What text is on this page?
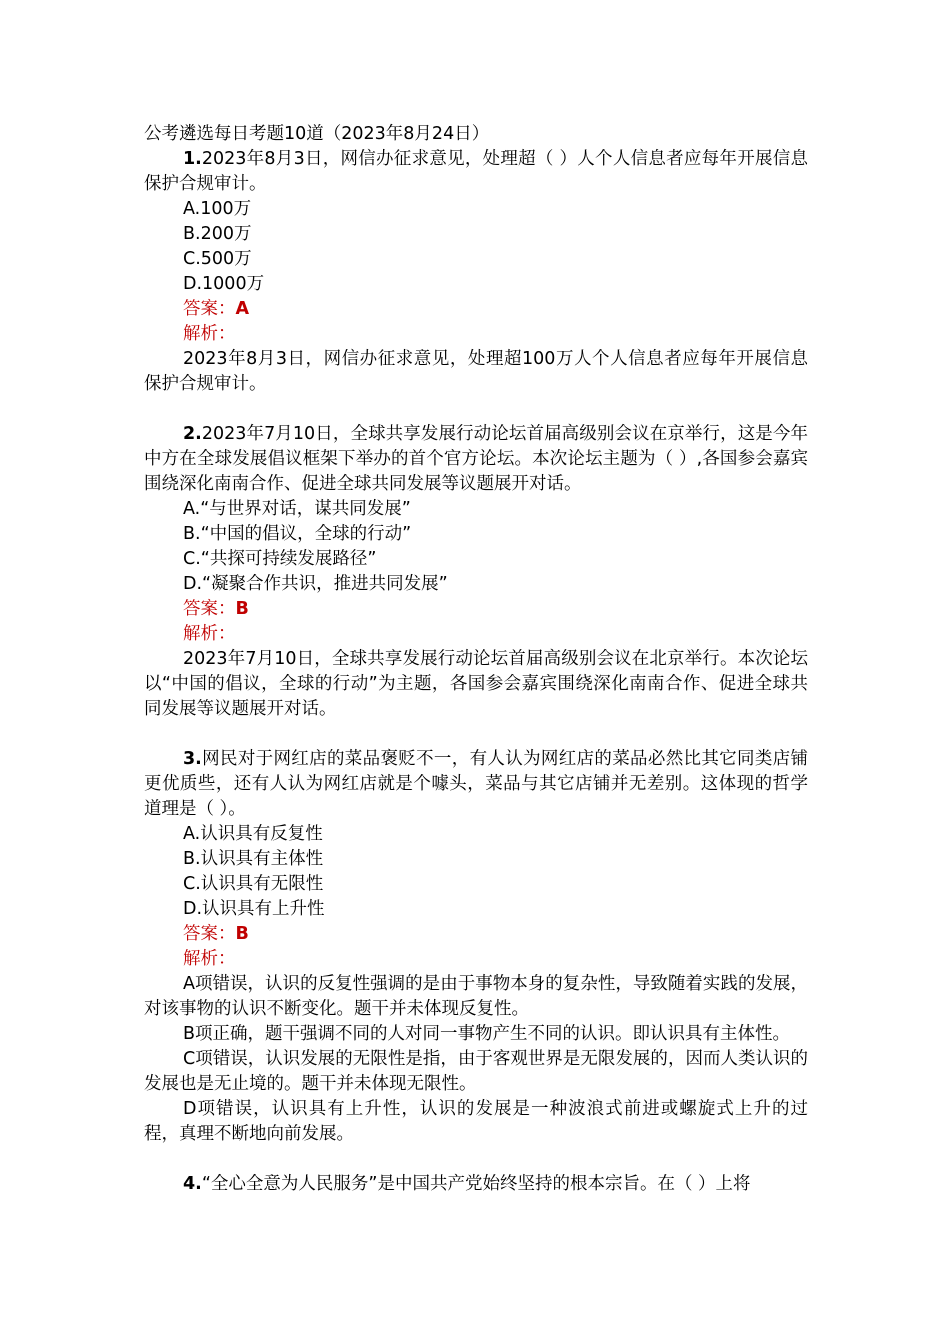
公考遴选每日考题10道（2023年8月24日）
1.2023年8月3日，网信办征求意见，处理超（ ）人个人信息者应每年开展信息保护合规审计。
A.100万
B.200万
C.500万
D.1000万
答案：A
解析：
2023年8月3日，网信办征求意见，处理超100万人个人信息者应每年开展信息保护合规审计。
2.2023年7月10日，全球共享发展行动论坛首届高级别会议在京举行，这是今年中方在全球发展倡议框架下举办的首个官方论坛。本次论坛主题为（ ）,各国参会嘉宾围绕深化南南合作、促进全球共同发展等议题展开对话。
A.“与世界对话，谋共同发展”
B.“中国的倡议，全球的行动”
C.“共探可持续发展路径”
D.“凝聚合作共识，推进共同发展”
答案：B
解析：
2023年7月10日，全球共享发展行动论坛首届高级别会议在北京举行。本次论坛以“中国的倡议，全球的行动”为主题，各国参会嘉宾围绕深化南南合作、促进全球共同发展等议题展开对话。
3.网民对于网红店的菜品褒贬不一，有人认为网红店的菜品必然比其它同类店铺更优质些，还有人认为网红店就是个噱头，菜品与其它店铺并无差别。这体现的哲学道理是（ ）。
A.认识具有反复性
B.认识具有主体性
C.认识具有无限性
D.认识具有上升性
答案：B
解析：
A项错误，认识的反复性强调的是由于事物本身的复杂性，导致随着实践的发展，对该事物的认识不断变化。题干并未体现反复性。
B项正确，题干强调不同的人对同一事物产生不同的认识。即认识具有主体性。
C项错误，认识发展的无限性是指，由于客观世界是无限发展的，因而人类认识的发展也是无止境的。题干并未体现无限性。
D项错误，认识具有上升性，认识的发展是一种波浪式前进或螺旋式上升的过程，真理不断地向前发展。
4.“全心全意为人民服务”是中国共产党始终坚持的根本宗旨。在（ ）上将
